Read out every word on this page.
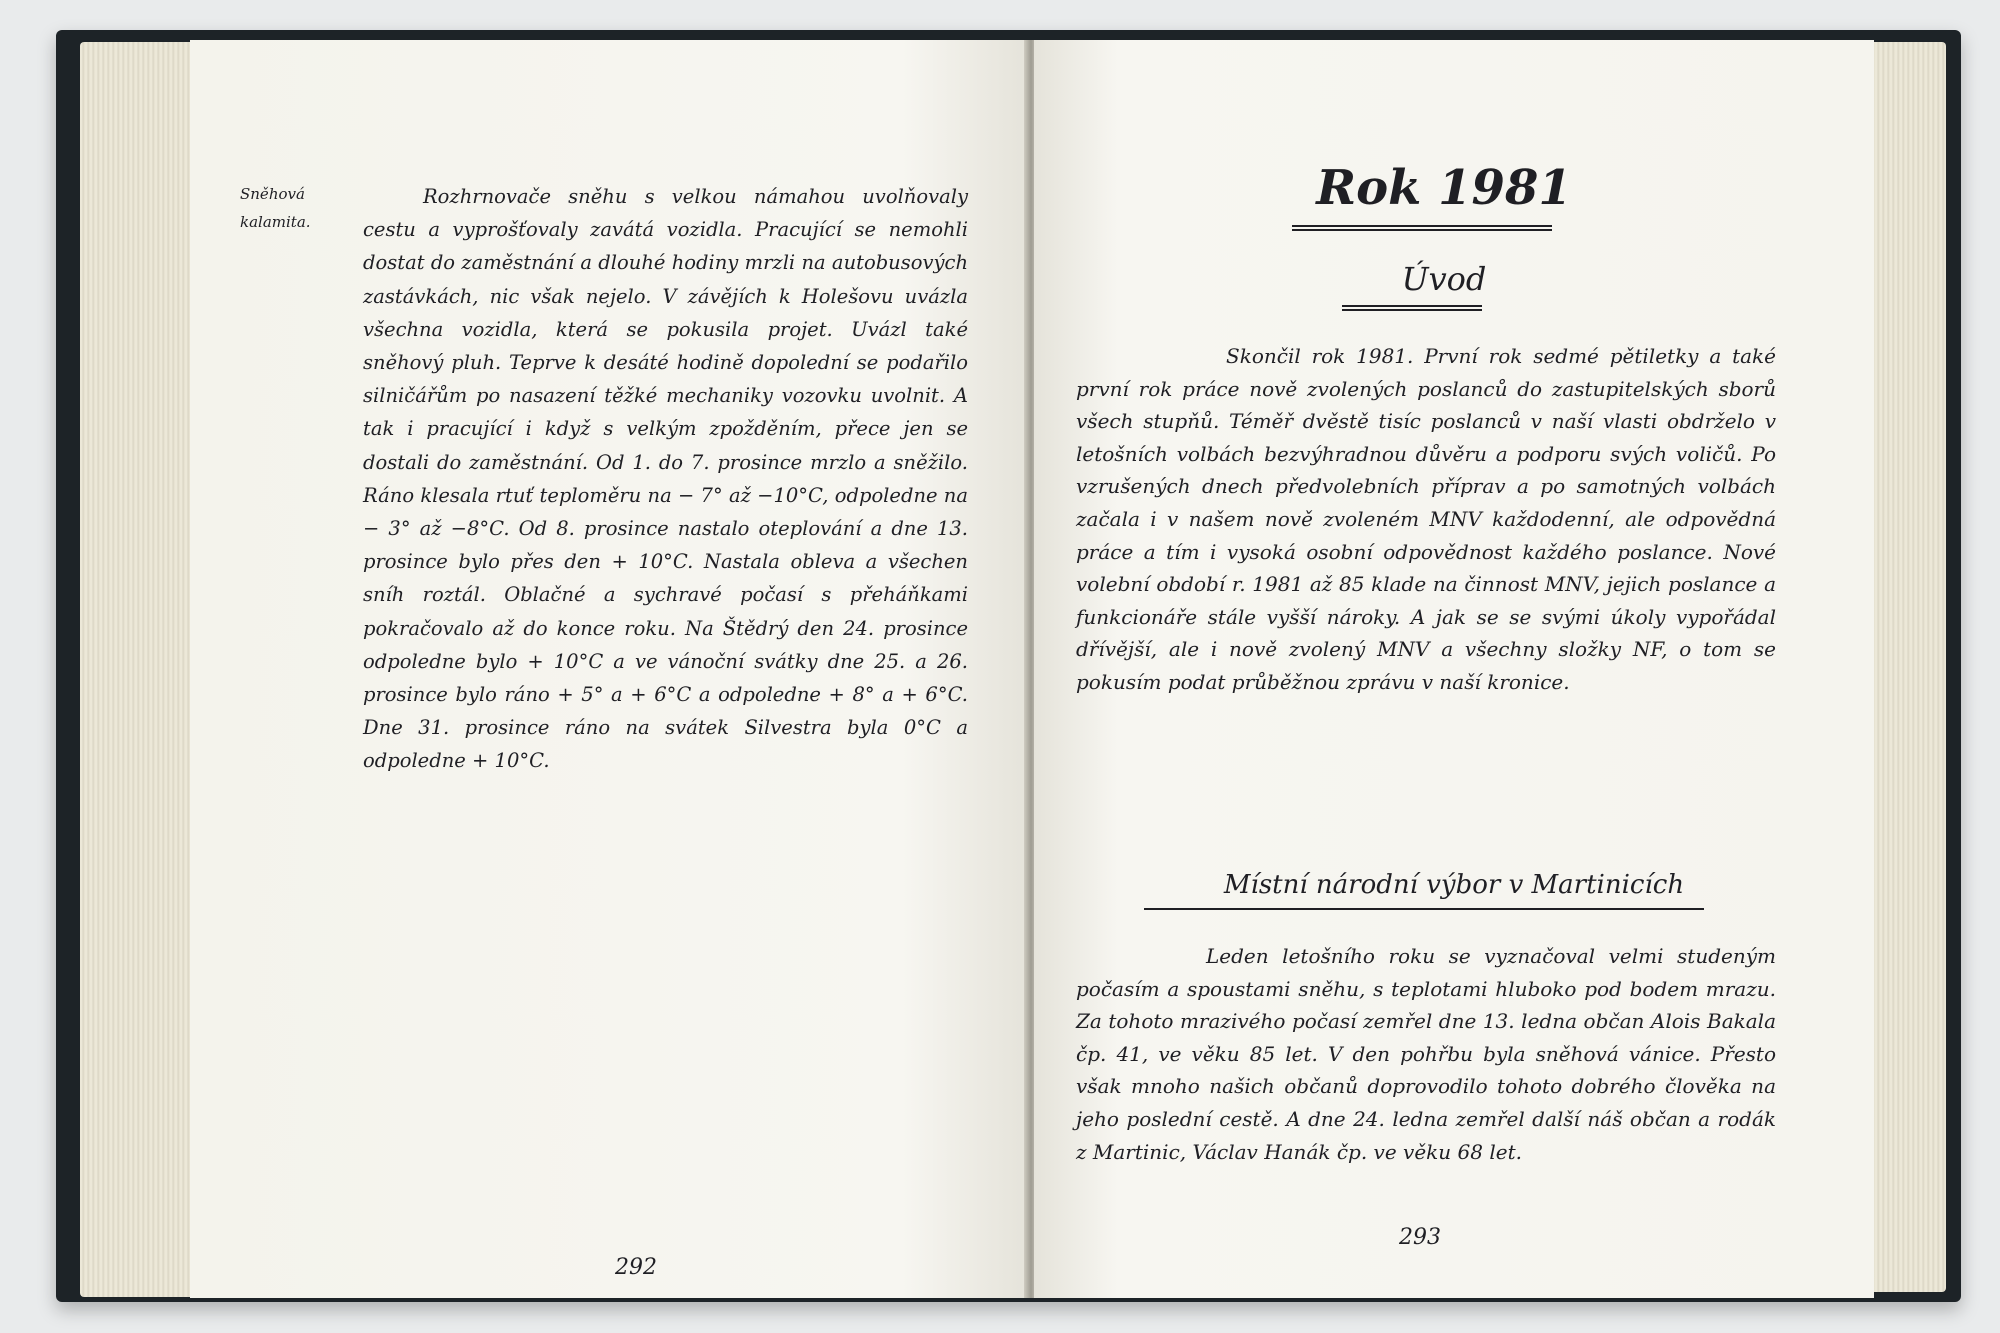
Sněhová kalamita.
Rozhrnovače sněhu s velkou námahou uvolňovaly cestu a vyprošťovaly zavátá vozidla. Pracující se nemohli dostat do zaměstnání a dlouhé hodiny mrzli na autobusových zastávkách, nic však nejelo. V závějích k Holešovu uvázla všechna vozidla, která se pokusila projet. Uvázl také sněhový pluh. Teprve k desáté hodině dopolední se podařilo silničářům po nasazení těžké mechaniky vozovku uvolnit. A tak i pracující i když s velkým zpožděním, přece jen se dostali do zaměstnání. Od 1. do 7. prosince mrzlo a sněžilo. Ráno klesala rtuť teploměru na − 7° až −10°C, odpoledne na − 3° až −8°C. Od 8. prosince nastalo oteplování a dne 13. prosince bylo přes den + 10°C. Nastala obleva a všechen sníh roztál. Oblačné a sychravé počasí s přeháňkami pokračovalo až do konce roku. Na Štědrý den 24. prosince odpoledne bylo + 10°C a ve vánoční svátky dne 25. a 26. prosince bylo ráno + 5° a + 6°C a odpoledne + 8° a + 6°C. Dne 31. prosince ráno na svátek Silvestra byla 0°C a odpoledne + 10°C.
292
Rok 1981
Úvod
Skončil rok 1981. První rok sedmé pětiletky a také první rok práce nově zvolených poslanců do zastupitelských sborů všech stupňů. Téměř dvěstě tisíc poslanců v naší vlasti obdrželo v letošních volbách bezvýhradnou důvěru a podporu svých voličů. Po vzrušených dnech předvolebních příprav a po samotných volbách začala i v našem nově zvoleném MNV každodenní, ale odpovědná práce a tím i vysoká osobní odpovědnost každého poslance. Nové volební období r. 1981 až 85 klade na činnost MNV, jejich poslance a funkcionáře stále vyšší nároky. A jak se se svými úkoly vypořádal dřívější, ale i nově zvolený MNV a všechny složky NF, o tom se pokusím podat průběžnou zprávu v naší kronice.
Místní národní výbor v Martinicích
Leden letošního roku se vyznačoval velmi studeným počasím a spoustami sněhu, s teplotami hluboko pod bodem mrazu. Za tohoto mrazivého počasí zemřel dne 13. ledna občan Alois Bakala čp. 41, ve věku 85 let. V den pohřbu byla sněhová vánice. Přesto však mnoho našich občanů doprovodilo tohoto dobrého člověka na jeho poslední cestě. A dne 24. ledna zemřel další náš občan a rodák z Martinic, Václav Hanák čp. ve věku 68 let.
293
